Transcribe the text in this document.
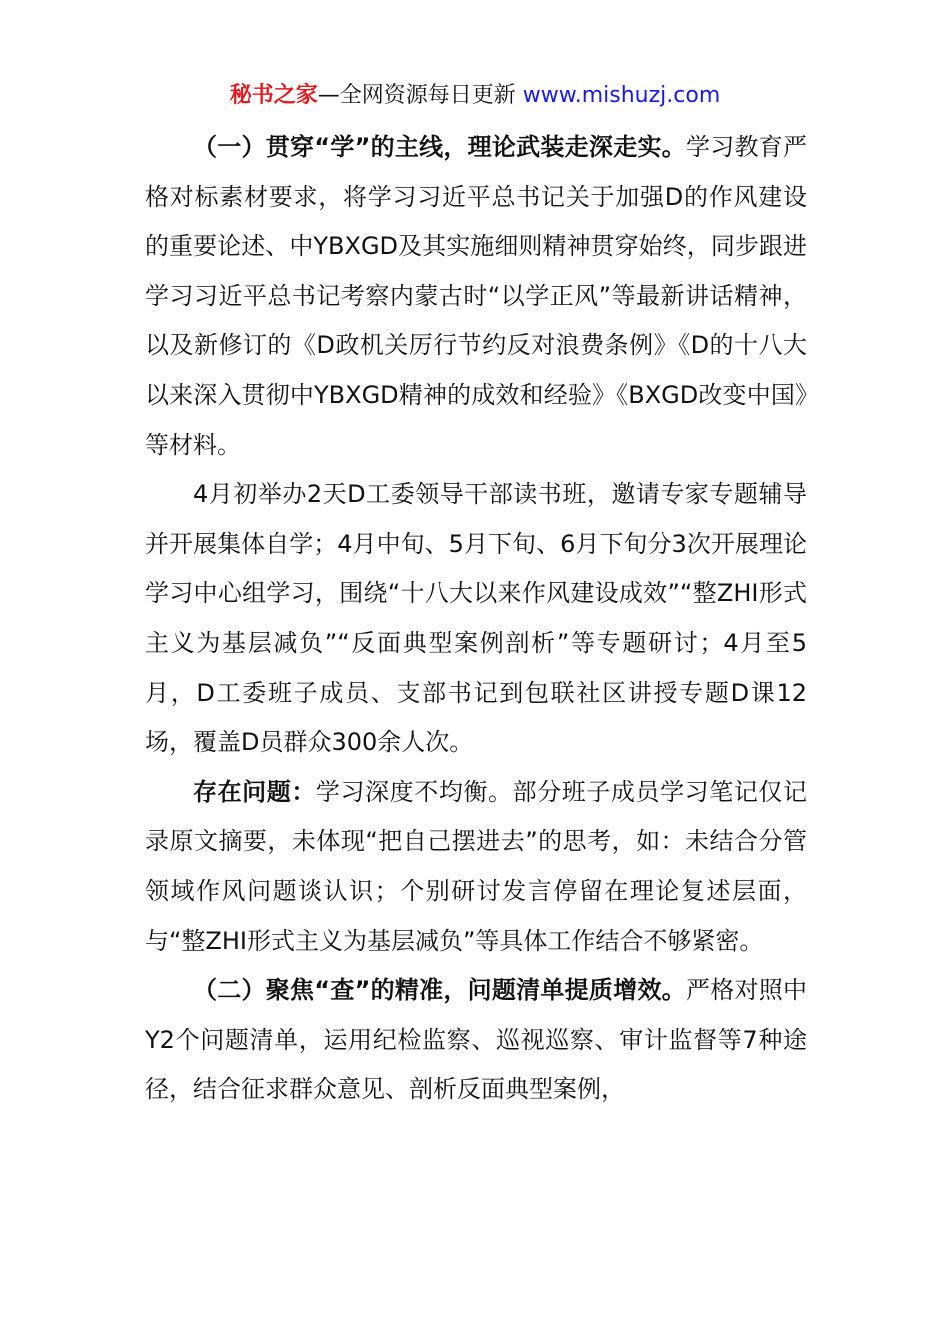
秘书之家—全网资源每日更新 www.mishuzj.com

（一）贯穿“学”的主线，理论武装走深走实。学习教育严格对标素材要求，将学习习近平总书记关于加强D的作风建设的重要论述、中YBXGD及其实施细则精神贯穿始终，同步跟进学习习近平总书记考察内蒙古时“以学正风”等最新讲话精神，以及新修订的《D政机关厉行节约反对浪费条例》《D的十八大以来深入贯彻中YBXGD精神的成效和经验》《BXGD改变中国》等材料。

4月初举办2天D工委领导干部读书班，邀请专家专题辅导并开展集体自学；4月中旬、5月下旬、6月下旬分3次开展理论学习中心组学习，围绕“十八大以来作风建设成效”“整ZHI形式主义为基层减负”“反面典型案例剖析”等专题研讨；4月至5月，D工委班子成员、支部书记到包联社区讲授专题D课12场，覆盖D员群众300余人次。

存在问题：学习深度不均衡。部分班子成员学习笔记仅记录原文摘要，未体现“把自己摆进去”的思考，如：未结合分管领域作风问题谈认识；个别研讨发言停留在理论复述层面，与“整ZHI形式主义为基层减负”等具体工作结合不够紧密。

（二）聚焦“查”的精准，问题清单提质增效。严格对照中Y2个问题清单，运用纪检监察、巡视巡察、审计监督等7种途径，结合征求群众意见、剖析反面典型案例，
